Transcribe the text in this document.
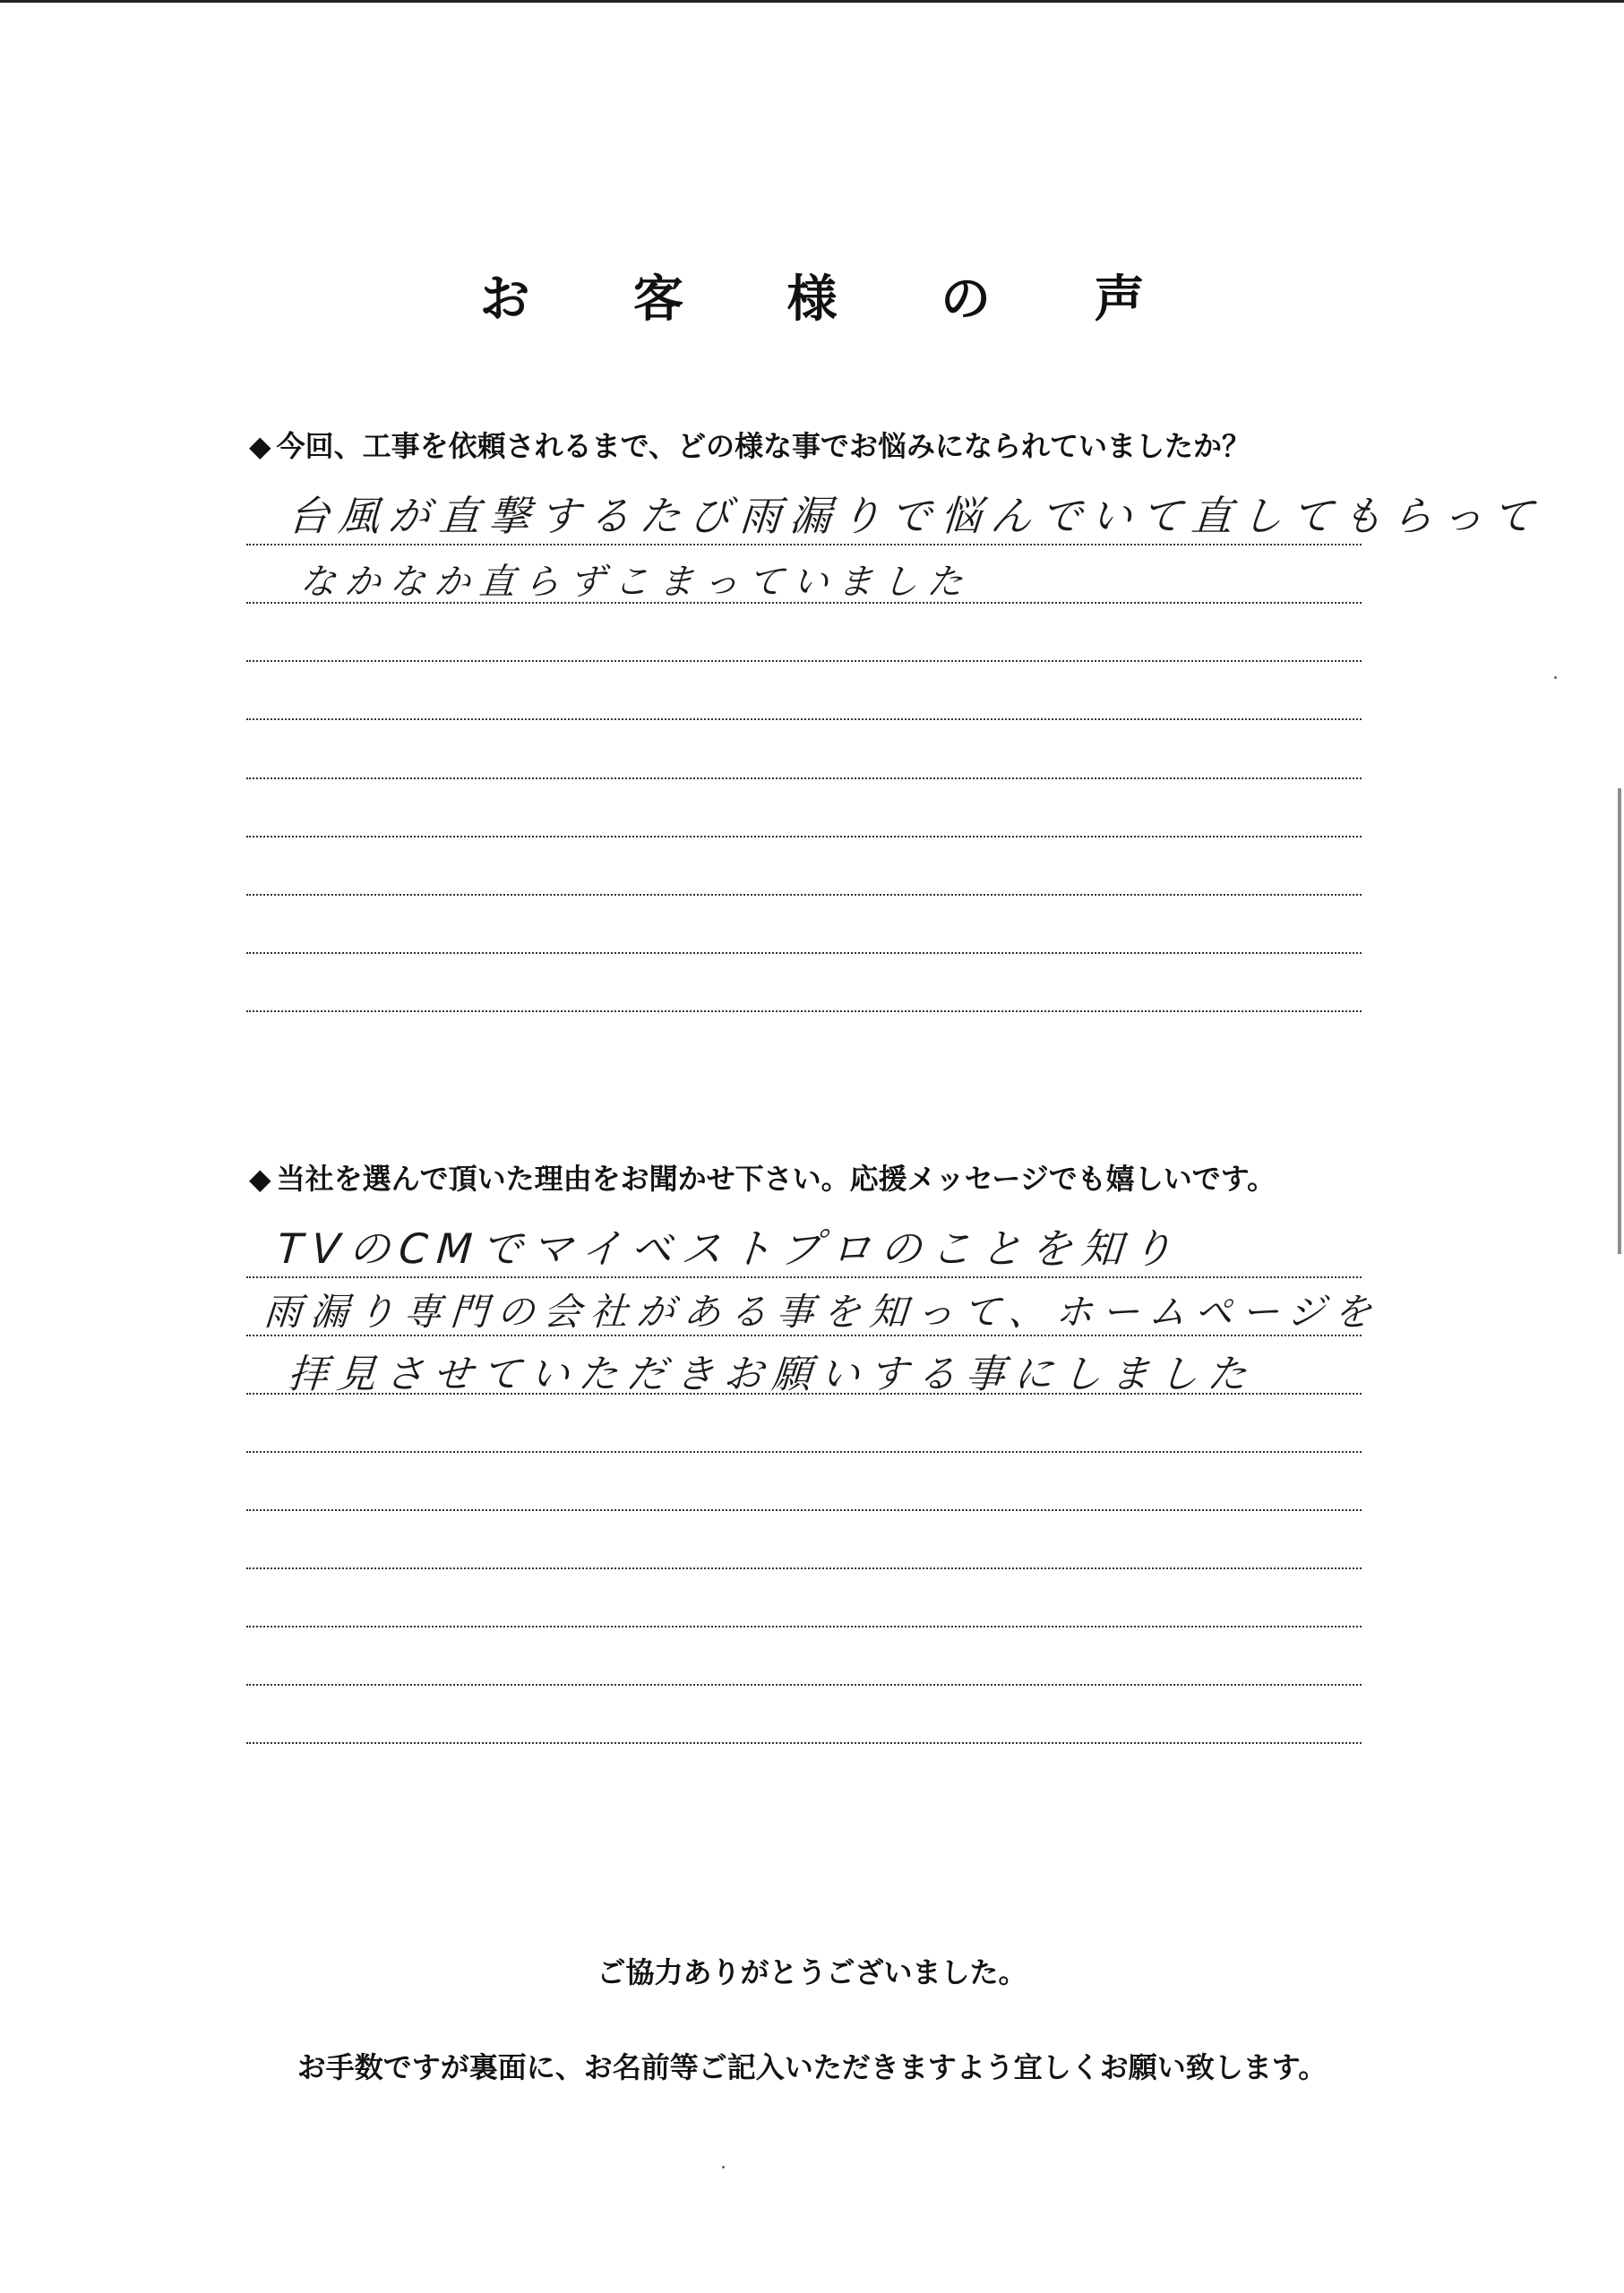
お 客 様 の 声
◆ 今回、工事を依頼されるまで、どの様な事でお悩みになられていましたか？
台風が直撃するたび雨漏りで悩んでいて直してもらって
なかなか直らずこまっていました
◆ 当社を選んで頂いた理由をお聞かせ下さい。応援メッセージでも嬉しいです。
TVのCMでマイベストプロのことを知り
雨漏り専門の会社がある事を知って、ホームページを
拝見させていただきお願いする事にしました
ご協力ありがとうございました。
お手数ですが裏面に、お名前等ご記入いただきますよう宜しくお願い致します。
